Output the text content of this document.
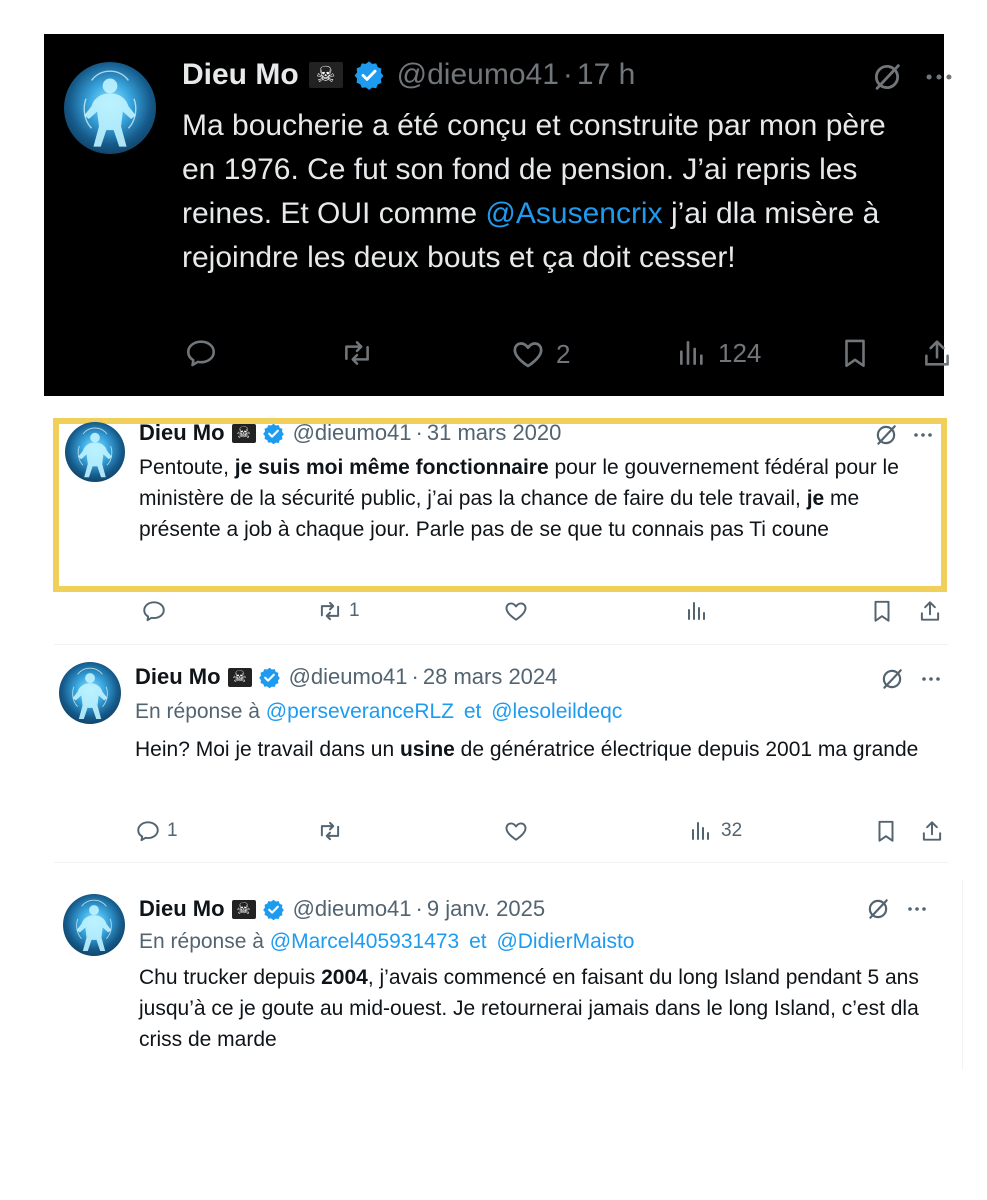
Dieu Mo ☠ @dieumo41 · 17 h
Ma boucherie a été conçu et construite par mon père en 1976. Ce fut son fond de pension. J’ai repris les reines. Et OUI comme @Asusencrix j’ai dla misère à rejoindre les deux bouts et ça doit cesser!
2	124
Dieu Mo ☠ @dieumo41 · 31 mars 2020
Pentoute, je suis moi même fonctionnaire pour le gouvernement fédéral pour le ministère de la sécurité public, j’ai pas la chance de faire du tele travail, je me présente a job à chaque jour. Parle pas de se que tu connais pas Ti coune
1
Dieu Mo ☠ @dieumo41 · 28 mars 2024
En réponse à @perseveranceRLZ et @lesoleildeqc
Hein? Moi je travail dans un usine de génératrice électrique depuis 2001 ma grande
1	32
Dieu Mo ☠ @dieumo41 · 9 janv. 2025
En réponse à @Marcel405931473 et @DidierMaisto
Chu trucker depuis 2004, j’avais commencé en faisant du long Island pendant 5 ans jusqu’à ce je goute au mid-ouest. Je retournerai jamais dans le long Island, c’est dla criss de marde
